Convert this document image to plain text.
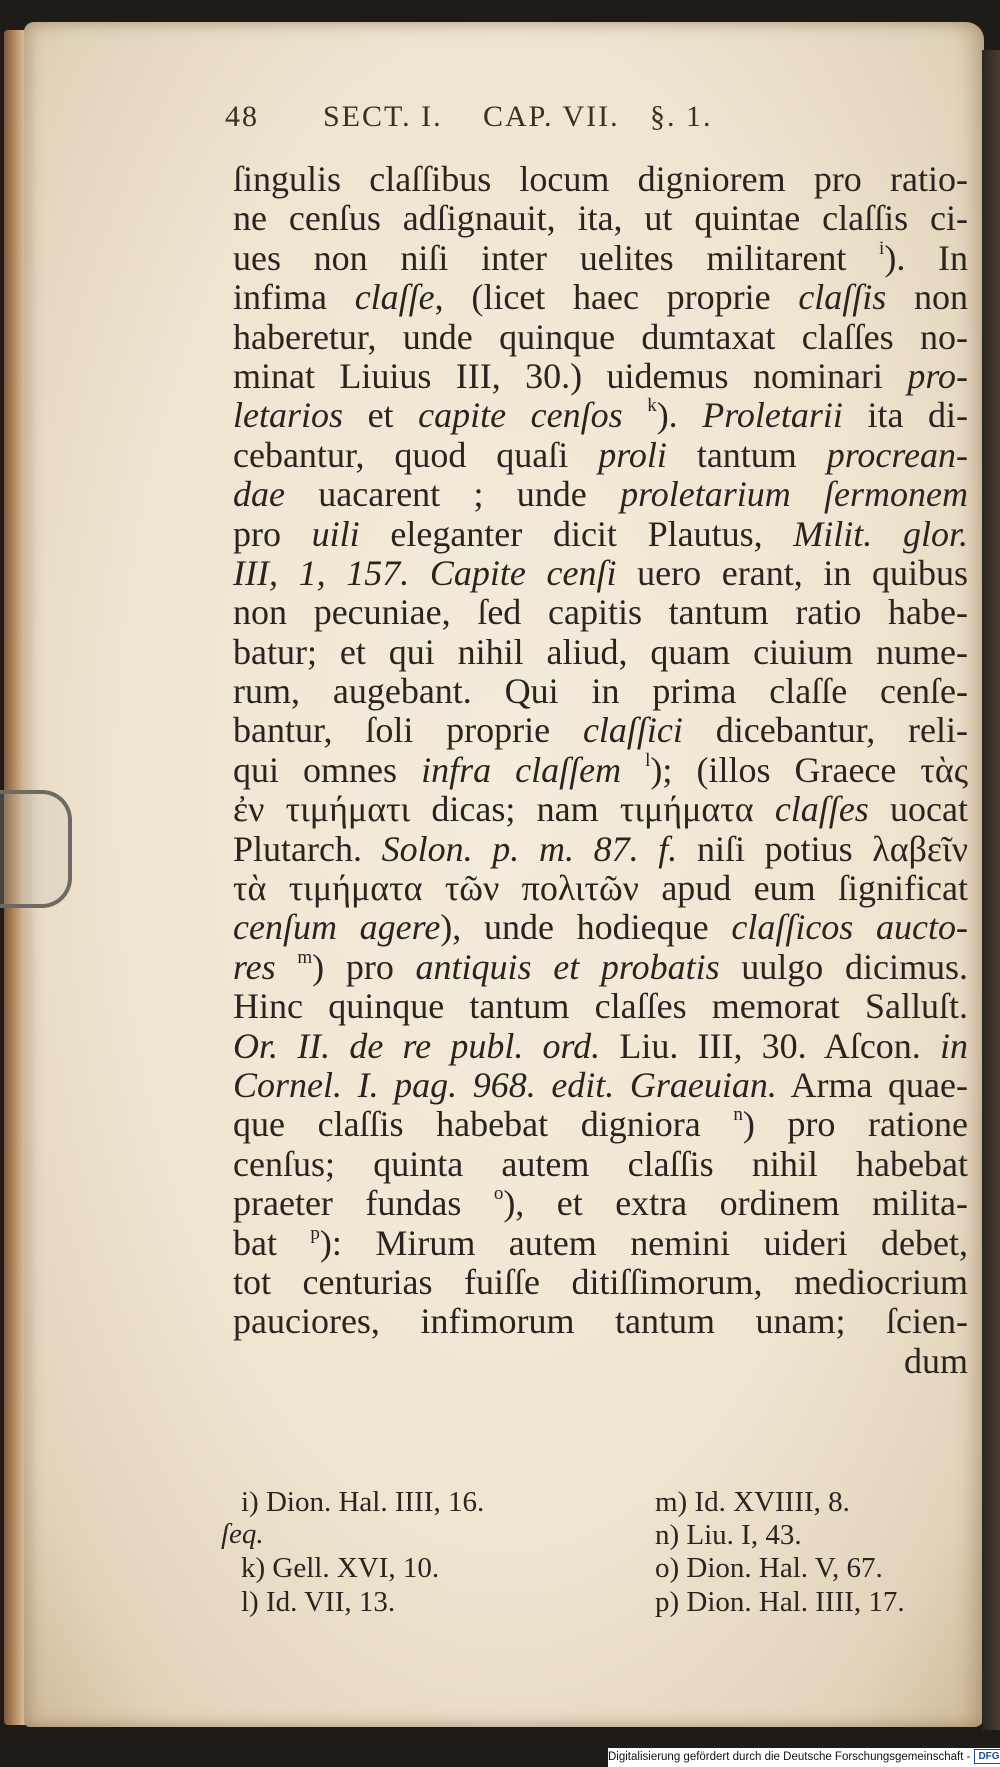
48 SECT. I. CAP. VII. §. 1.
ſingulis claſſibus locum digniorem pro ratio-
ne cenſus adſignauit, ita, ut quintae claſſis ci-
ues non niſi inter uelites militarent $^i$). In
infima claſſe, (licet haec proprie claſſis non
haberetur, unde quinque dumtaxat claſſes no-
minat Liuius III, 30.) uidemus nominari pro-
letarios et capite cenſos $^k$). Proletarii ita di-
cebantur, quod quaſi proli tantum procrean-
dae uacarent ; unde proletarium ſermonem
pro uili eleganter dicit Plautus, Milit. glor.
III, 1, 157. Capite cenſi uero erant, in quibus
non pecuniae, ſed capitis tantum ratio habe-
batur; et qui nihil aliud, quam ciuium nume-
rum, augebant. Qui in prima claſſe cenſe-
bantur, ſoli proprie claſſici dicebantur, reli-
qui omnes infra claſſem $^l$); (illos Graece τὰς
ἐν τιμήματι dicas; nam τιμήματα claſſes uocat
Plutarch. Solon. p. m. 87. f. niſi potius λαβεῖν
τὰ τιμήματα τῶν πολιτῶν apud eum ſignificat
cenſum agere), unde hodieque claſſicos auctо-
res $^m$) pro antiquis et probatis uulgo dicimus.
Hinc quinque tantum claſſes memorat Salluſt.
Or. II. de re publ. ord. Liu. III, 30. Aſcon. in
Cornel. I. pag. 968. edit. Graeuian. Arma quae-
que claſſis habebat digniora $^n$) pro ratione
cenſus; quinta autem claſſis nihil habebat
praeter fundas $^o$), et extra ordinem milita-
bat $^p$): Mirum autem nemini uideri debet,
tot centurias fuiſſe ditiſſimorum, mediocrium
pauciores, infimorum tantum unam; ſcien-
dum
i) Dion. Hal. IIII, 16.
ſeq.
k) Gell. XVI, 10.
l) Id. VII, 13.
m) Id. XVIIII, 8.
n) Liu. I, 43.
o) Dion. Hal. V, 67.
p) Dion. Hal. IIII, 17.
Digitalisierung gefördert durch die Deutsche Forschungsgemeinschaft - DFG
